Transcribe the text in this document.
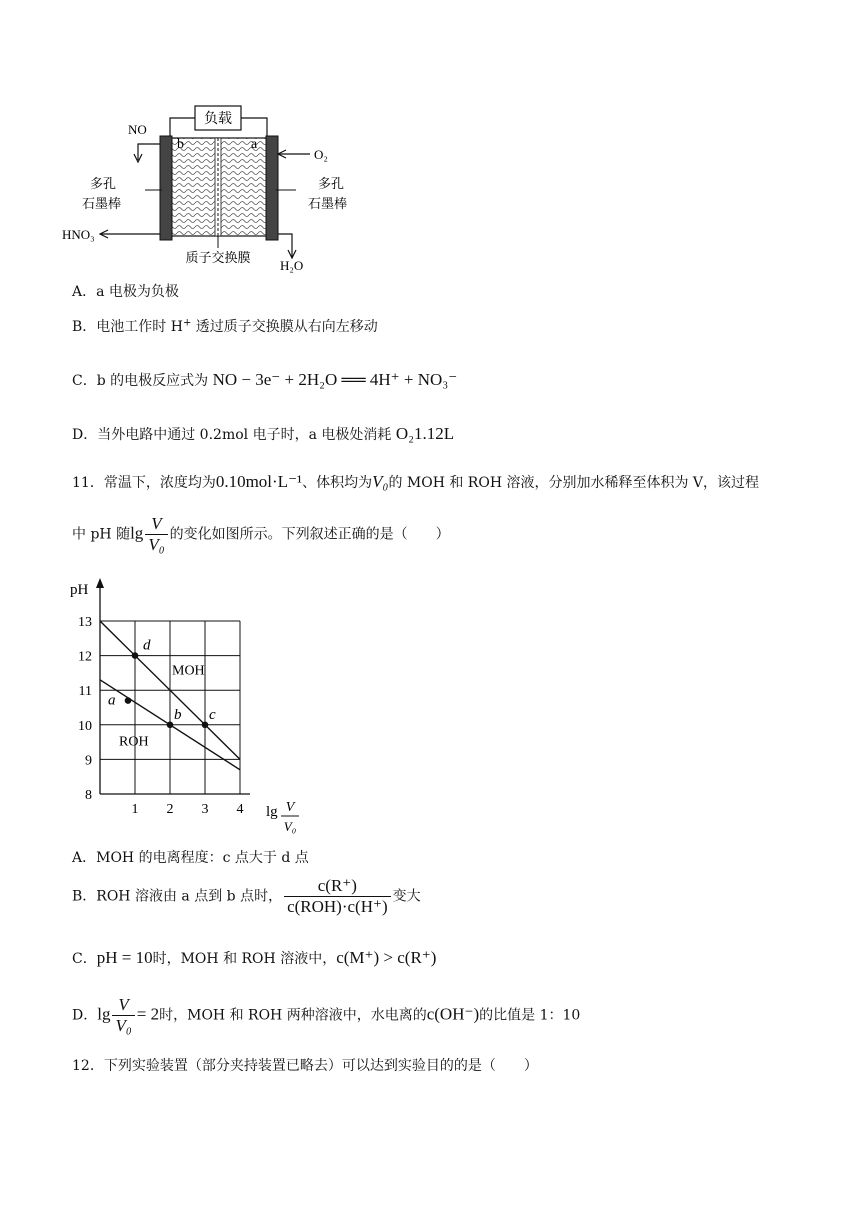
负载
b	a
NO
O₂
HNO₃
H₂O
多孔
石墨棒
多孔
石墨棒
质子交换膜
A．a 电极为负极
B．电池工作时 H+ 透过质子交换膜从右向左移动
C．b 的电极反应式为 NO − 3e⁻ + 2H₂O ══ 4H⁺ + NO₃⁻
D．当外电路中通过 0.2mol 电子时，a 电极处消耗 O₂1.12L
11．常温下，浓度均为0.10mol·L⁻¹、体积均为V₀的 MOH 和 ROH 溶液，分别加水稀释至体积为 V，该过程
中 pH 随$\lg \frac{V}{\text{V₀}}$ 的变化如图所示。下列叙述正确的是（　　）
pH
8
9
10
11
12
13
1 2 3 4 lg V
V₀
MOH
ROH
d
a
b c
A．MOH 的电离程度：c 点大于 d 点
B．ROH 溶液由 a 点到 b 点时， $\frac{c(R^+)}{\text{c(ROH)·c(H⁺)}}$ 变大
C．pH = 10时，MOH 和 ROH 溶液中，c(M⁺) > c(R⁺)
D．$\lg \frac{V}{\text{V₀}} = 2$时，MOH 和 ROH 两种溶液中，水电离的c(OH⁻)的比值是 1：10
12．下列实验装置（部分夹持装置已略去）可以达到实验目的的是（　　）
